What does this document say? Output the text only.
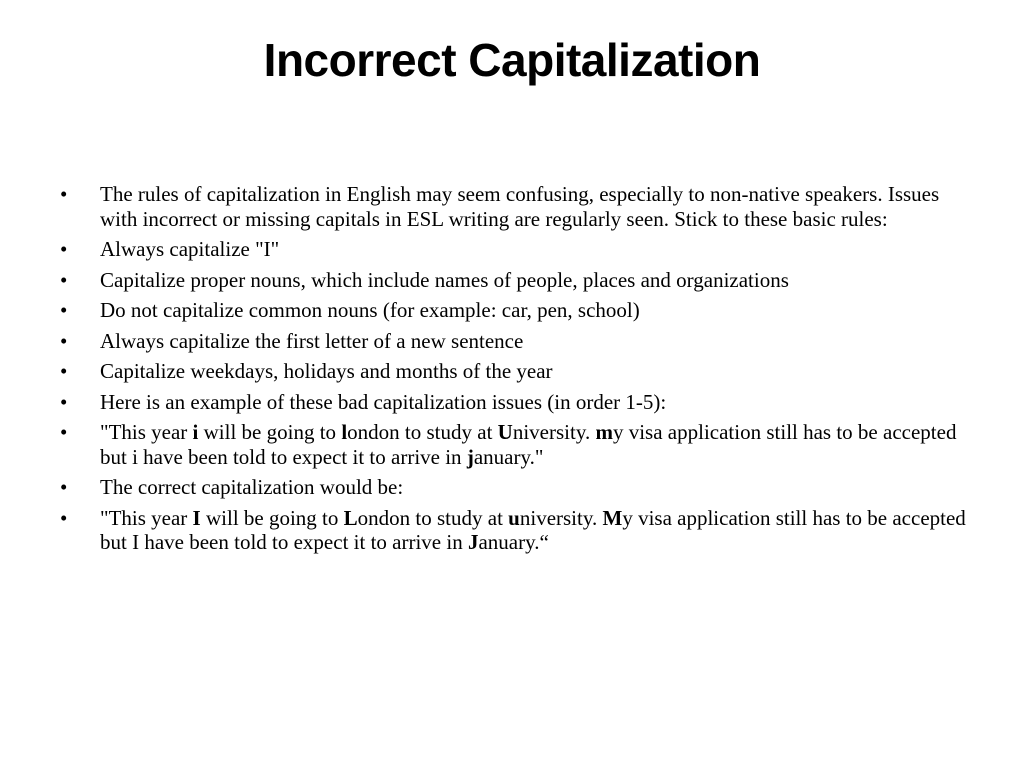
Incorrect Capitalization
• The rules of capitalization in English may seem confusing, especially to non-native speakers. Issues with incorrect or missing capitals in ESL writing are regularly seen. Stick to these basic rules:
• Always capitalize "I"
• Capitalize proper nouns, which include names of people, places and organizations
• Do not capitalize common nouns (for example: car, pen, school)
• Always capitalize the first letter of a new sentence
• Capitalize weekdays, holidays and months of the year
• Here is an example of these bad capitalization issues (in order 1-5):
• "This year i will be going to london to study at University. my visa application still has to be accepted but i have been told to expect it to arrive in january."
• The correct capitalization would be:
• "This year I will be going to London to study at university. My visa application still has to be accepted but I have been told to expect it to arrive in January.“
